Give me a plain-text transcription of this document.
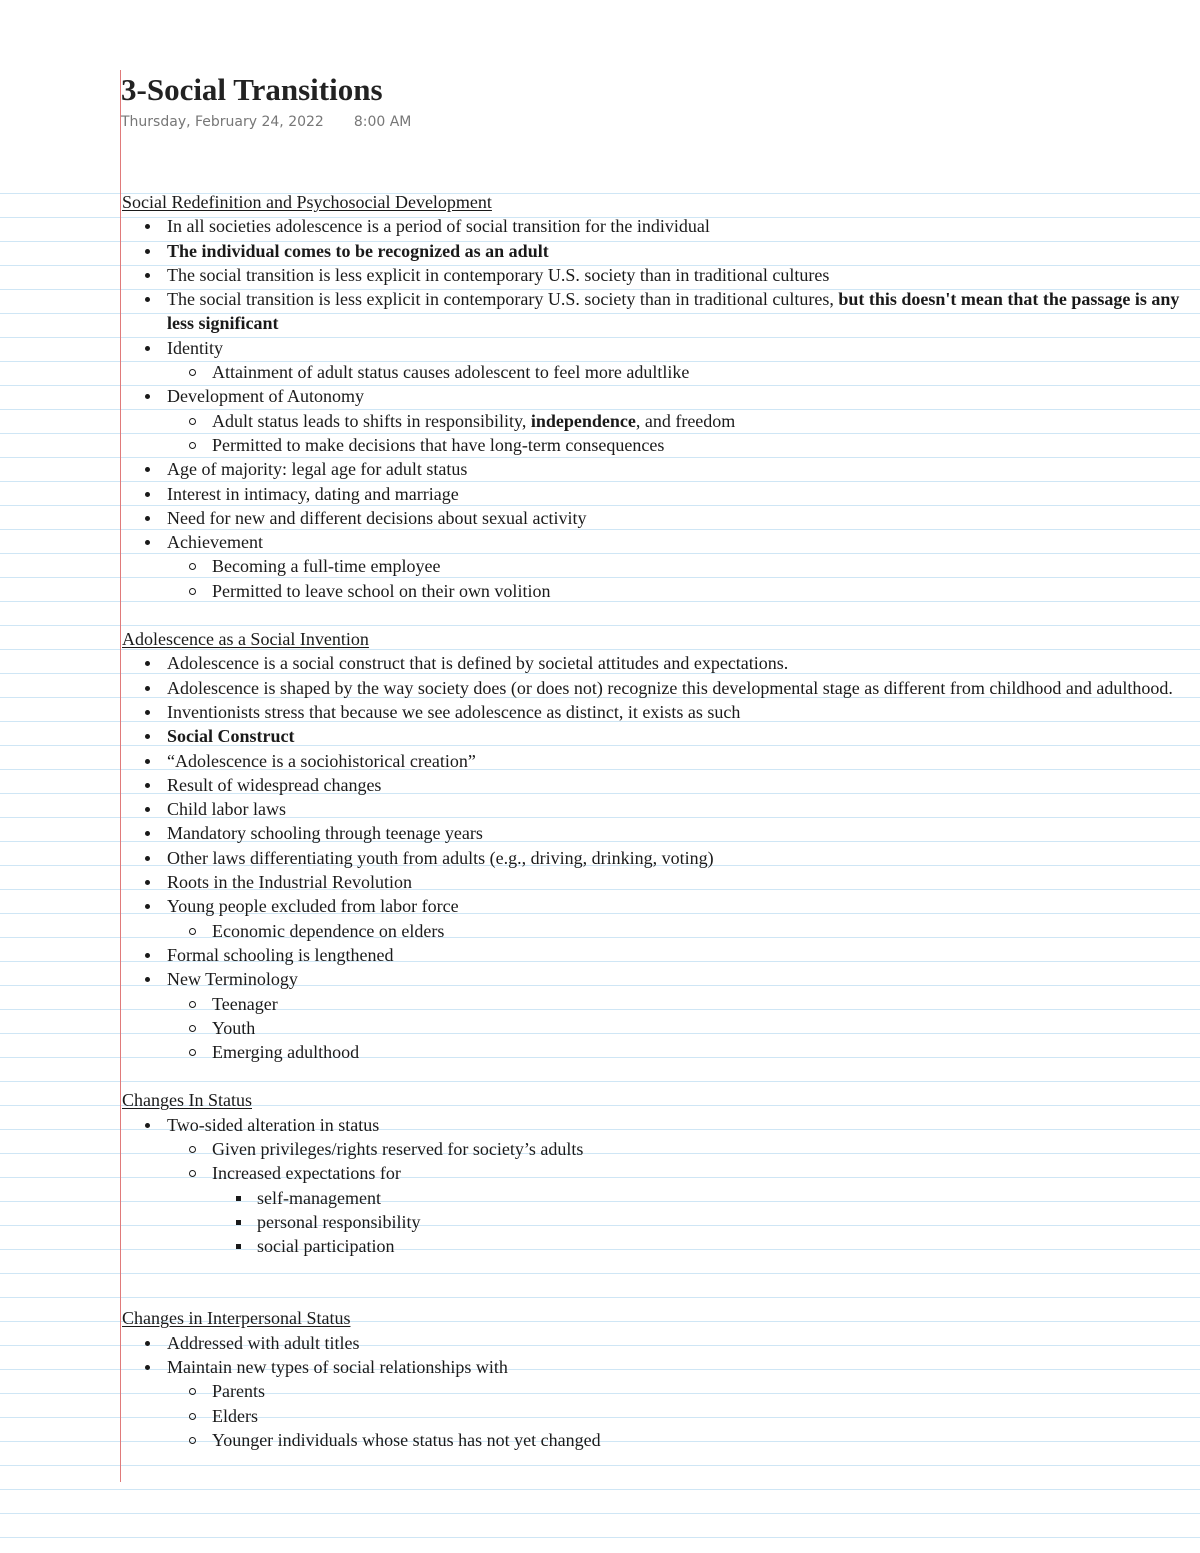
3-Social Transitions
Thursday, February 24, 2022 8:00 AM
Social Redefinition and Psychosocial Development
In all societies adolescence is a period of social transition for the individual
The individual comes to be recognized as an adult
The social transition is less explicit in contemporary U.S. society than in traditional cultures
The social transition is less explicit in contemporary U.S. society than in traditional cultures, but this doesn't mean that the passage is any less significant
Identity
Attainment of adult status causes adolescent to feel more adultlike
Development of Autonomy
Adult status leads to shifts in responsibility, independence, and freedom
Permitted to make decisions that have long-term consequences
Age of majority: legal age for adult status
Interest in intimacy, dating and marriage
Need for new and different decisions about sexual activity
Achievement
Becoming a full-time employee
Permitted to leave school on their own volition
Adolescence as a Social Invention
Adolescence is a social construct that is defined by societal attitudes and expectations.
Adolescence is shaped by the way society does (or does not) recognize this developmental stage as different from childhood and adulthood.
Inventionists stress that because we see adolescence as distinct, it exists as such
Social Construct
“Adolescence is a sociohistorical creation”
Result of widespread changes
Child labor laws
Mandatory schooling through teenage years
Other laws differentiating youth from adults (e.g., driving, drinking, voting)
Roots in the Industrial Revolution
Young people excluded from labor force
Economic dependence on elders
Formal schooling is lengthened
New Terminology
Teenager
Youth
Emerging adulthood
Changes In Status
Two-sided alteration in status
Given privileges/rights reserved for society’s adults
Increased expectations for
self-management
personal responsibility
social participation
Changes in Interpersonal Status
Addressed with adult titles
Maintain new types of social relationships with
Parents
Elders
Younger individuals whose status has not yet changed
